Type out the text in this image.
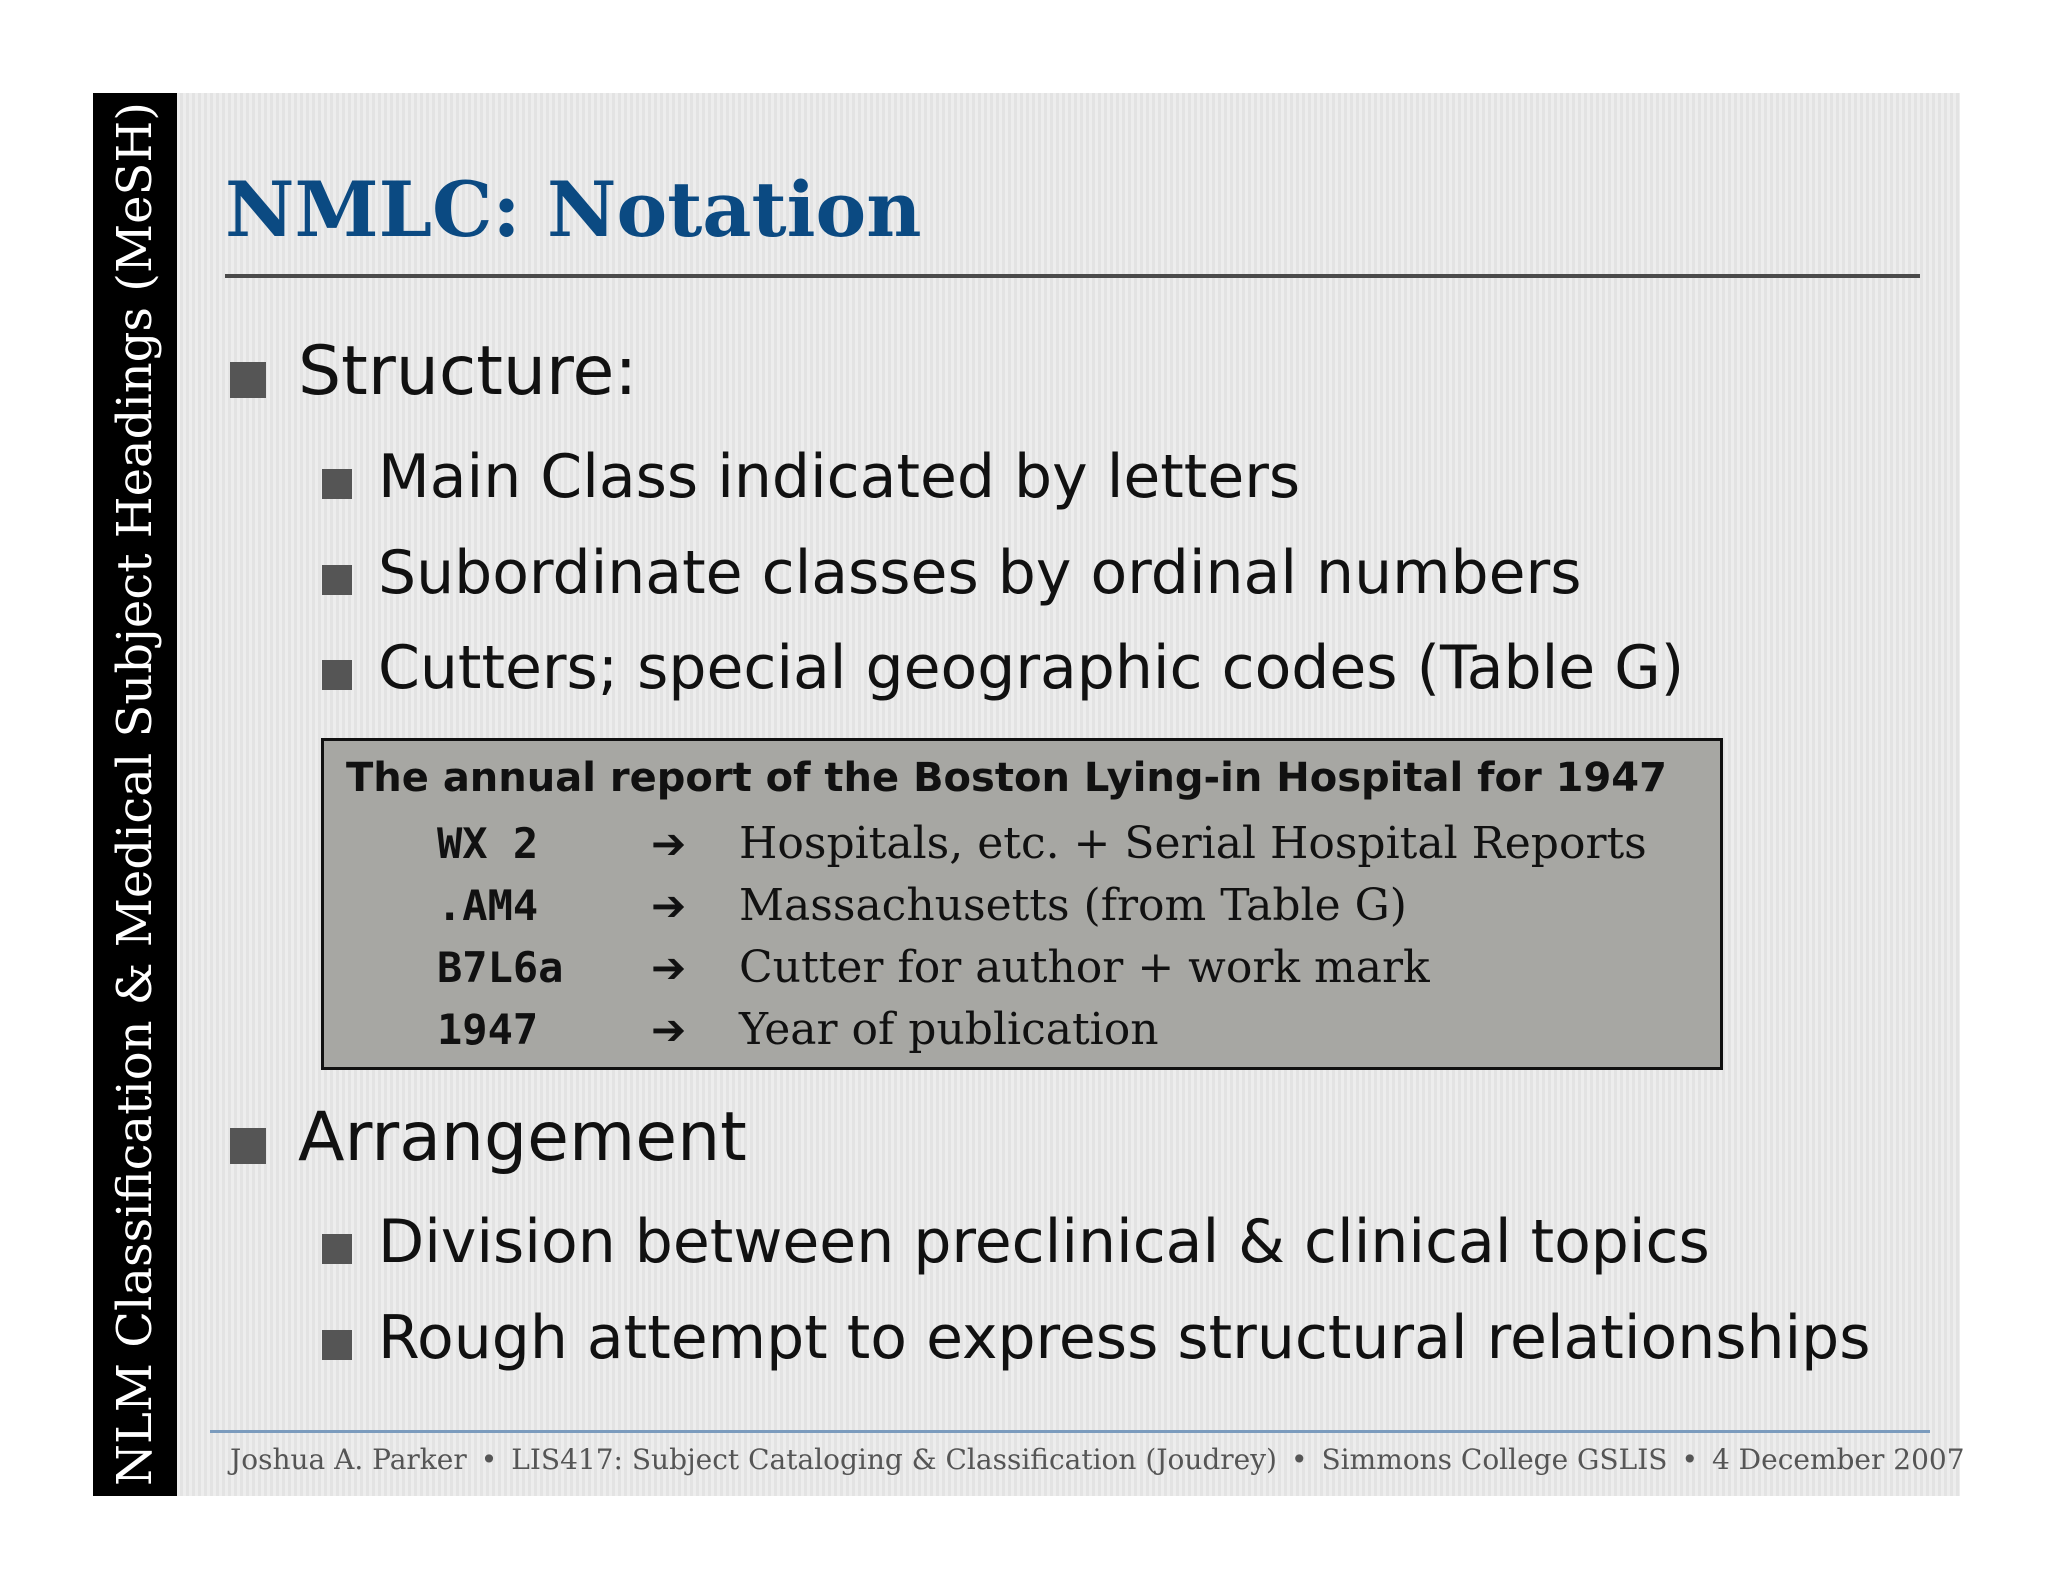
NLM Classification & Medical Subject Headings (MeSH) NMLC: Notation
Structure:
Main Class indicated by letters
Subordinate classes by ordinal numbers
Cutters; special geographic codes (Table G)
The annual report of the Boston Lying-in Hospital for 1947
WX 2	➔ Hospitals, etc. + Serial Hospital Reports
.AM4	➔ Massachusetts (from Table G)
B7L6a ➔ Cutter for author + work mark
1947	➔ Year of publication
Arrangement
Division between preclinical & clinical topics
Rough attempt to express structural relationships
Joshua A. Parker • LIS417: Subject Cataloging & Classification (Joudrey) • Simmons College GSLIS • 4 December 2007
